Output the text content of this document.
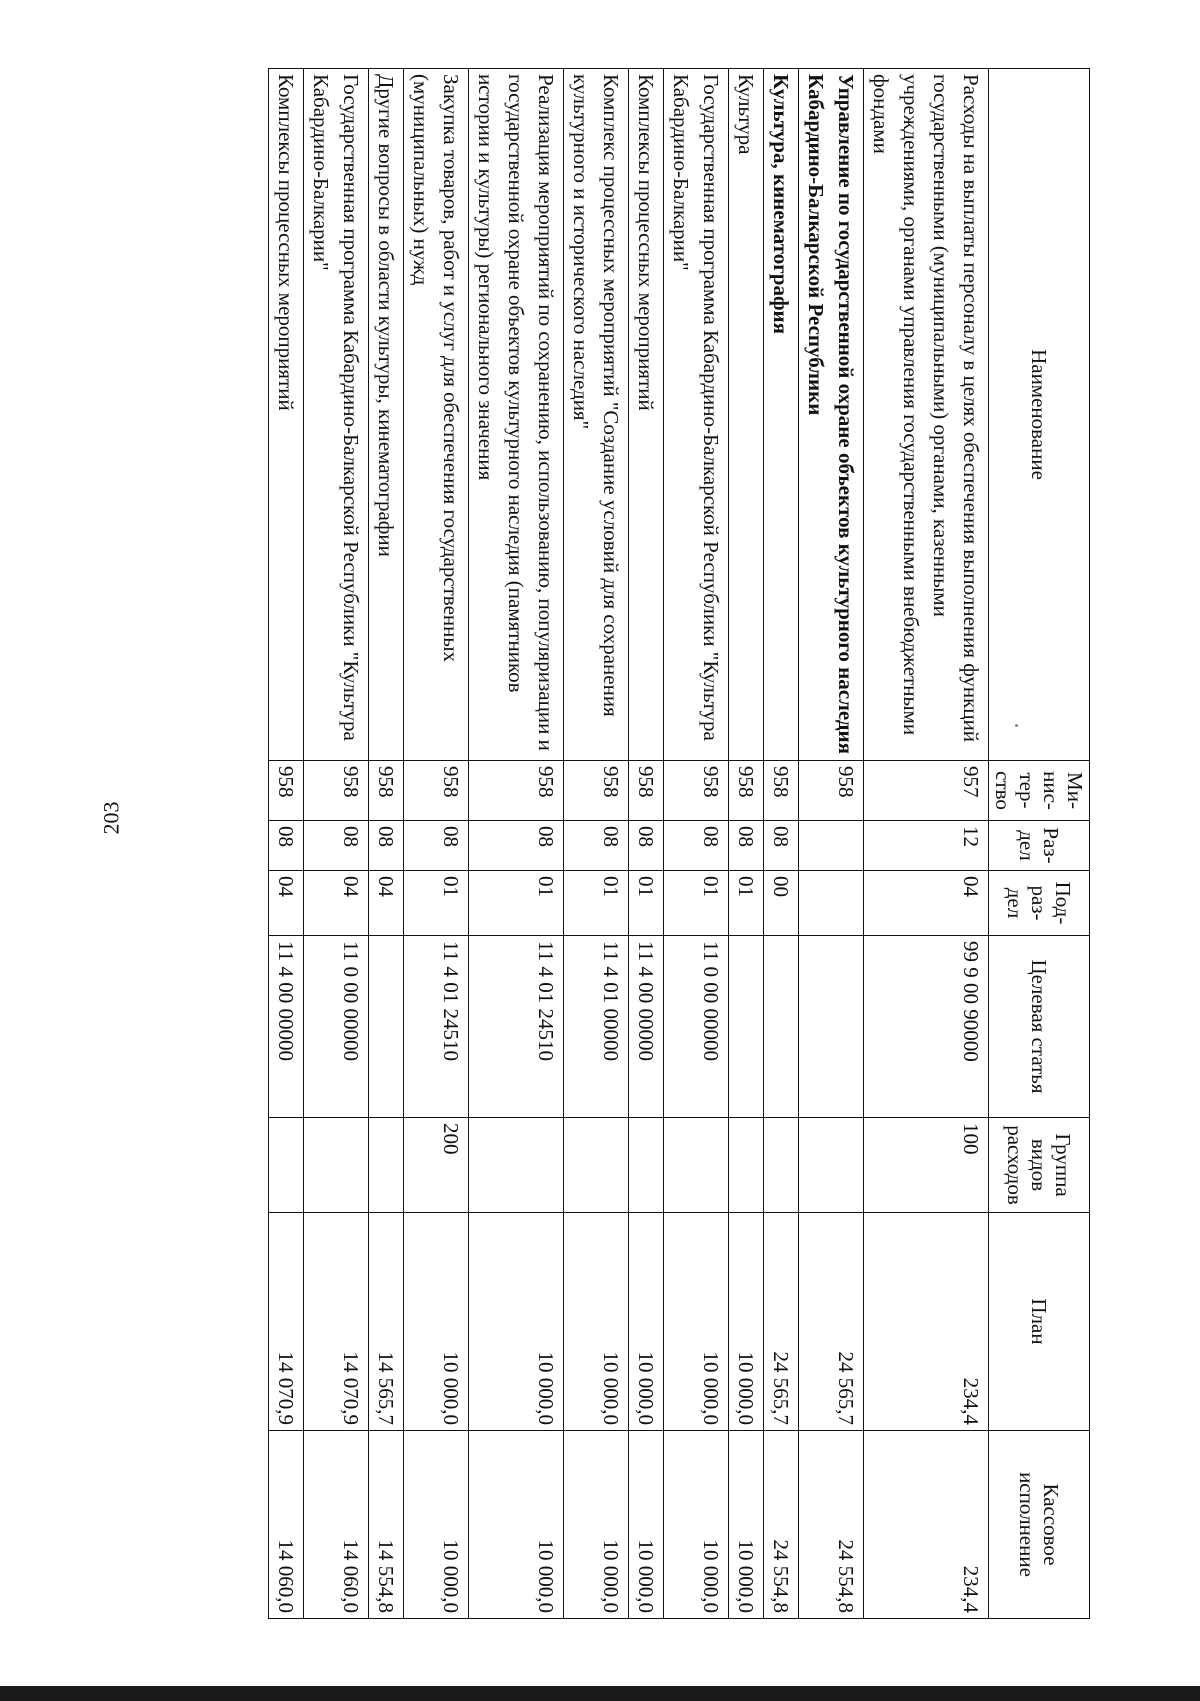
203
Наименование	Ми-нис-тер-ство	Раз-дел	Под-раз-дел	Целевая статья	Группа видов расходов	План	Кассовое исполнение
Расходы на выплаты персоналу в целях обеспечения выполнения функций государственными (муниципальными) органами, казенными учреждениями, органами управления государственными внебюджетными фондами	957	12	04	99 9 00 90000	100	234,4	234,4
Управление по государственной охране объектов культурного наследия Кабардино-Балкарской Республики	958					24 565,7	24 554,8
Культура, кинематография	958	08	00			24 565,7	24 554,8
Культура	958	08	01			10 000,0	10 000,0
Государственная программа Кабардино-Балкарской Республики "Культура Кабардино-Балкарии"	958	08	01	11 0 00 00000		10 000,0	10 000,0
Комплексы процессных мероприятий	958	08	01	11 4 00 00000		10 000,0	10 000,0
Комплекс процессных мероприятий "Создание условий для сохранения культурного и исторического наследия"	958	08	01	11 4 01 00000		10 000,0	10 000,0
Реализация мероприятий по сохранению, использованию, популяризации и государственной охране объектов культурного наследия (памятников истории и культуры) регионального значения	958	08	01	11 4 01 24510		10 000,0	10 000,0
Закупка товаров, работ и услуг для обеспечения государственных (муниципальных) нужд	958	08	01	11 4 01 24510	200	10 000,0	10 000,0
Другие вопросы в области культуры, кинематографии	958	08	04			14 565,7	14 554,8
Государственная программа Кабардино-Балкарской Республики "Культура Кабардино-Балкарии"	958	08	04	11 0 00 00000		14 070,9	14 060,0
Комплексы процессных мероприятий	958	08	04	11 4 00 00000		14 070,9	14 060,0
